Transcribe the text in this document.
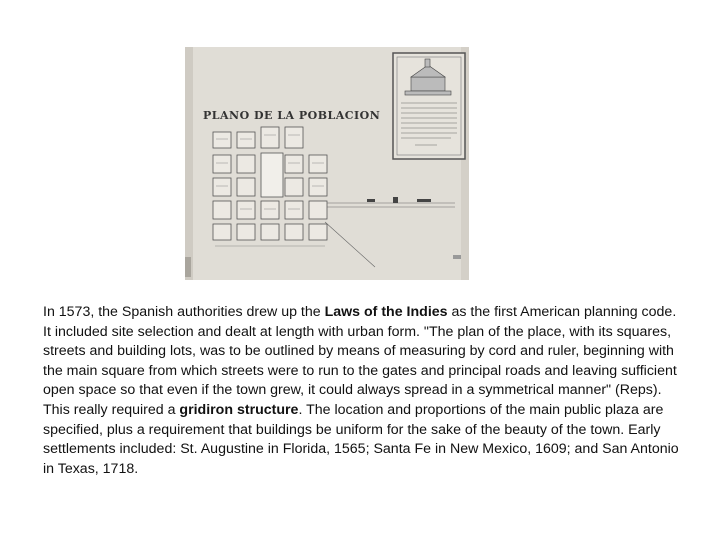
PLANO DE LA POBLACION

In 1573, the Spanish authorities drew up the Laws of the Indies as the first American planning code. It included site selection and dealt at length with urban form. "The plan of the place, with its squares, streets and building lots, was to be outlined by means of measuring by cord and ruler, beginning with the main square from which streets were to run to the gates and principal roads and leaving sufficient open space so that even if the town grew, it could always spread in a symmetrical manner" (Reps). This really required a gridiron structure. The location and proportions of the main public plaza are specified, plus a requirement that buildings be uniform for the sake of the beauty of the town. Early settlements included: St. Augustine in Florida, 1565; Santa Fe in New Mexico, 1609; and San Antonio in Texas, 1718.
